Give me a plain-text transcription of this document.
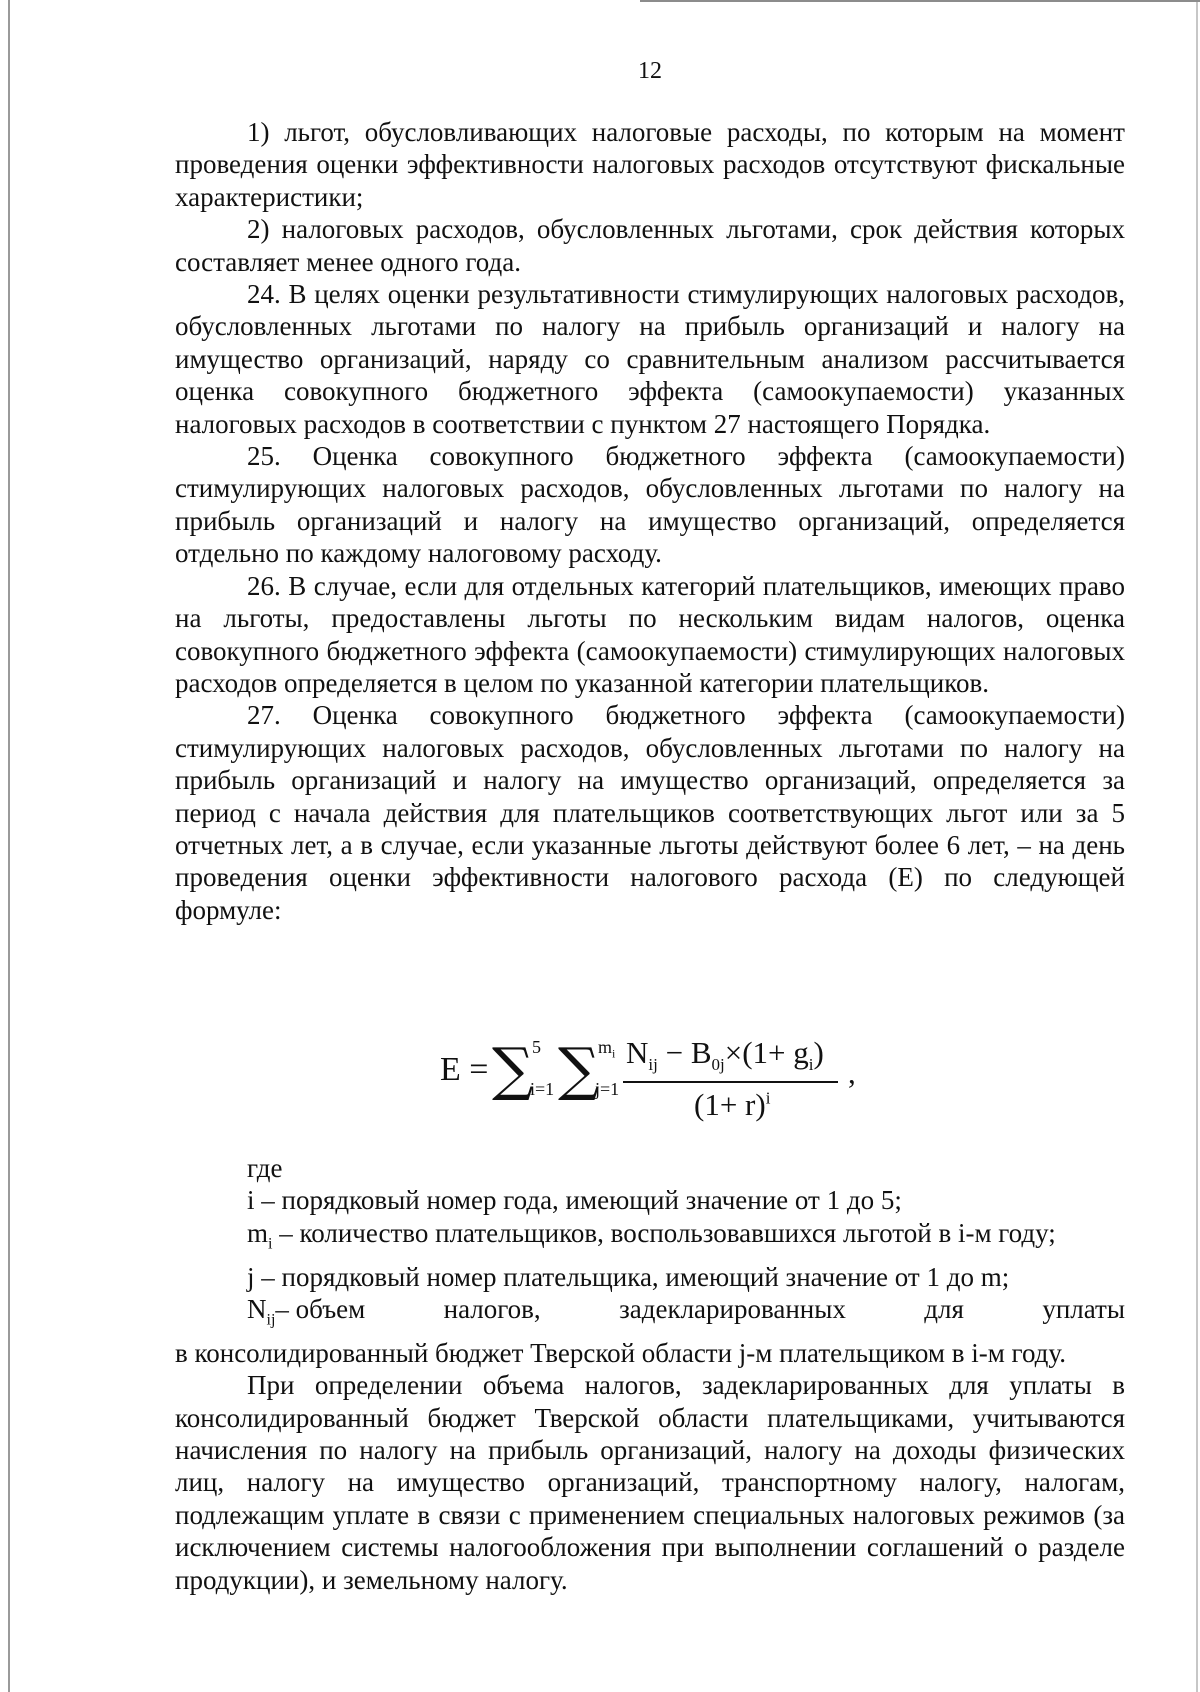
12

1) льгот, обусловливающих налоговые расходы, по которым на момент проведения оценки эффективности налоговых расходов отсутствуют фискальные характеристики;

2) налоговых расходов, обусловленных льготами, срок действия которых составляет менее одного года.

24. В целях оценки результативности стимулирующих налоговых расходов, обусловленных льготами по налогу на прибыль организаций и налогу на имущество организаций, наряду со сравнительным анализом рассчитывается оценка совокупного бюджетного эффекта (самоокупаемости) указанных налоговых расходов в соответствии с пунктом 27 настоящего Порядка.

25. Оценка совокупного бюджетного эффекта (самоокупаемости) стимулирующих налоговых расходов, обусловленных льготами по налогу на прибыль организаций и налогу на имущество организаций, определяется отдельно по каждому налоговому расходу.

26. В случае, если для отдельных категорий плательщиков, имеющих право на льготы, предоставлены льготы по нескольким видам налогов, оценка совокупного бюджетного эффекта (самоокупаемости) стимулирующих налоговых расходов определяется в целом по указанной категории плательщиков.

27. Оценка совокупного бюджетного эффекта (самоокупаемости) стимулирующих налоговых расходов, обусловленных льготами по налогу на прибыль организаций и налогу на имущество организаций, определяется за период с начала действия для плательщиков соответствующих льгот или за 5 отчетных лет, а в случае, если указанные льготы действуют более 6 лет, – на день проведения оценки эффективности налогового расхода (Е) по следующей формуле:

E = ∑
5
i=1 ∑
$m_i$
j=1
$N_{ij} - B_{0j}\times(1+ g_i)$
$(1+ r)^i$
,

где

i – порядковый номер года, имеющий значение от 1 до 5;

$m_i$ – количество плательщиков, воспользовавшихся льготой в i-м году;

j – порядковый номер плательщика, имеющий значение от 1 до m;

$N_{ij}-$ объем	налогов,	задекларированных	для	уплаты

в консолидированный бюджет Тверской области j-м плательщиком в i-м году.

При определении объема налогов, задекларированных для уплаты в консолидированный бюджет Тверской области плательщиками, учитываются начисления по налогу на прибыль организаций, налогу на доходы физических лиц, налогу на имущество организаций, транспортному налогу, налогам, подлежащим уплате в связи с применением специальных налоговых режимов (за исключением системы налогообложения при выполнении соглашений о разделе продукции), и земельному налогу.
